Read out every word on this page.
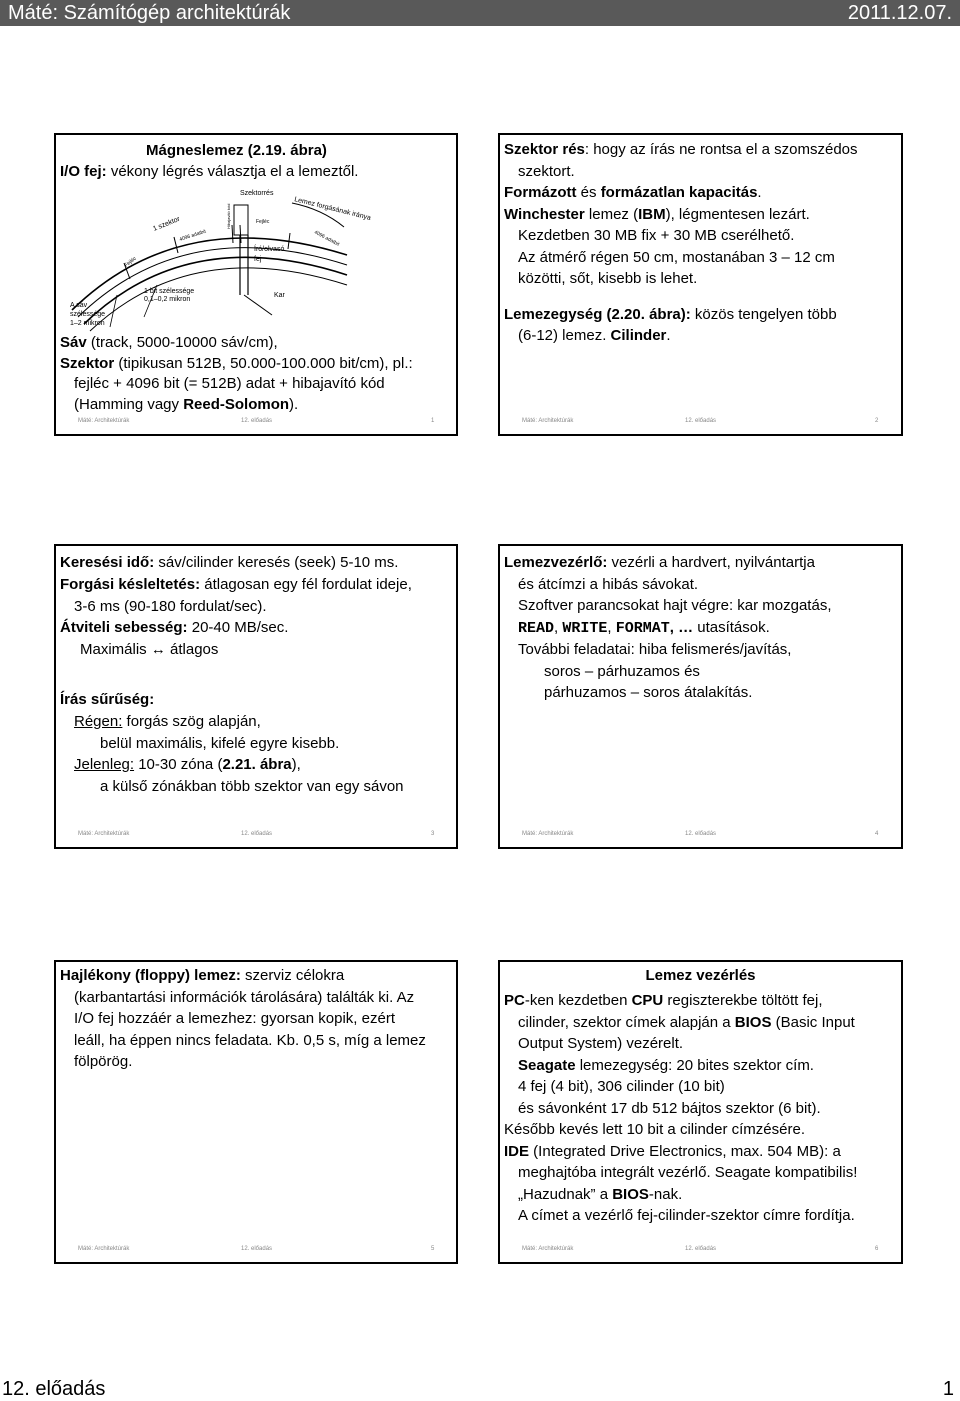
Máté: Számítógép architektúrák	2011.12.07.
Mágneslemez (2.19. ábra)
I/O fej: vékony légrés választja el a lemeztől.
Szektorrés
Lemez forgásának iránya
1 szektor
4096 adatbit	4096 adatbit
Fejléc
Fejléc
Hibajavító kód
Író/olvasó
fej
Kar
1 bit szélessége
0,1–0,2 mikron
A sáv
szélessége
1–2 mikron
Sáv (track, 5000-10000 sáv/cm),
Szektor (tipikusan 512B, 50.000-100.000 bit/cm), pl.:
fejléc + 4096 bit (= 512B) adat + hibajavító kód
(Hamming vagy Reed-Solomon).
Máté: Architektúrák	12. előadás	1
Szektor rés: hogy az írás ne rontsa el a szomszédos
szektort.
Formázott és formázatlan kapacitás.
Winchester lemez (IBM), légmentesen lezárt.
Kezdetben 30 MB fix + 30 MB cserélhető.
Az átmérő régen 50 cm, mostanában 3 – 12 cm
közötti, sőt, kisebb is lehet.
Lemezegység (2.20. ábra): közös tengelyen több
(6-12) lemez. Cilinder.
Máté: Architektúrák	12. előadás	2
Keresési idő: sáv/cilinder keresés (seek) 5-10 ms.
Forgási késleltetés: átlagosan egy fél fordulat ideje,
3-6 ms (90-180 fordulat/sec).
Átviteli sebesség: 20-40 MB/sec.
Maximális ↔ átlagos
Írás sűrűség:
Régen: forgás szög alapján,
belül maximális, kifelé egyre kisebb.
Jelenleg: 10-30 zóna (2.21. ábra),
a külső zónákban több szektor van egy sávon
Máté: Architektúrák	12. előadás	3
Lemezvezérlő: vezérli a hardvert, nyilvántartja
és átcímzi a hibás sávokat.
Szoftver parancsokat hajt végre: kar mozgatás,
READ, WRITE, FORMAT, … utasítások.
További feladatai: hiba felismerés/javítás,
soros – párhuzamos és
párhuzamos – soros átalakítás.
Máté: Architektúrák	12. előadás	4
Hajlékony (floppy) lemez: szerviz célokra
(karbantartási információk tárolására) találták ki. Az
I/O fej hozzáér a lemezhez: gyorsan kopik, ezért
leáll, ha éppen nincs feladata. Kb. 0,5 s, míg a lemez
fölpörög.
Máté: Architektúrák	12. előadás	5
Lemez vezérlés
PC-ken kezdetben CPU regiszterekbe töltött fej,
cilinder, szektor címek alapján a BIOS (Basic Input
Output System) vezérelt.
Seagate lemezegység: 20 bites szektor cím.
4 fej (4 bit), 306 cilinder (10 bit)
és sávonként 17 db 512 bájtos szektor (6 bit).
Később kevés lett 10 bit a cilinder címzésére.
IDE (Integrated Drive Electronics, max. 504 MB): a
meghajtóba integrált vezérlő. Seagate kompatibilis!
„Hazudnak” a BIOS-nak.
A címet a vezérlő fej-cilinder-szektor címre fordítja.
Máté: Architektúrák	12. előadás	6
12. előadás	1
